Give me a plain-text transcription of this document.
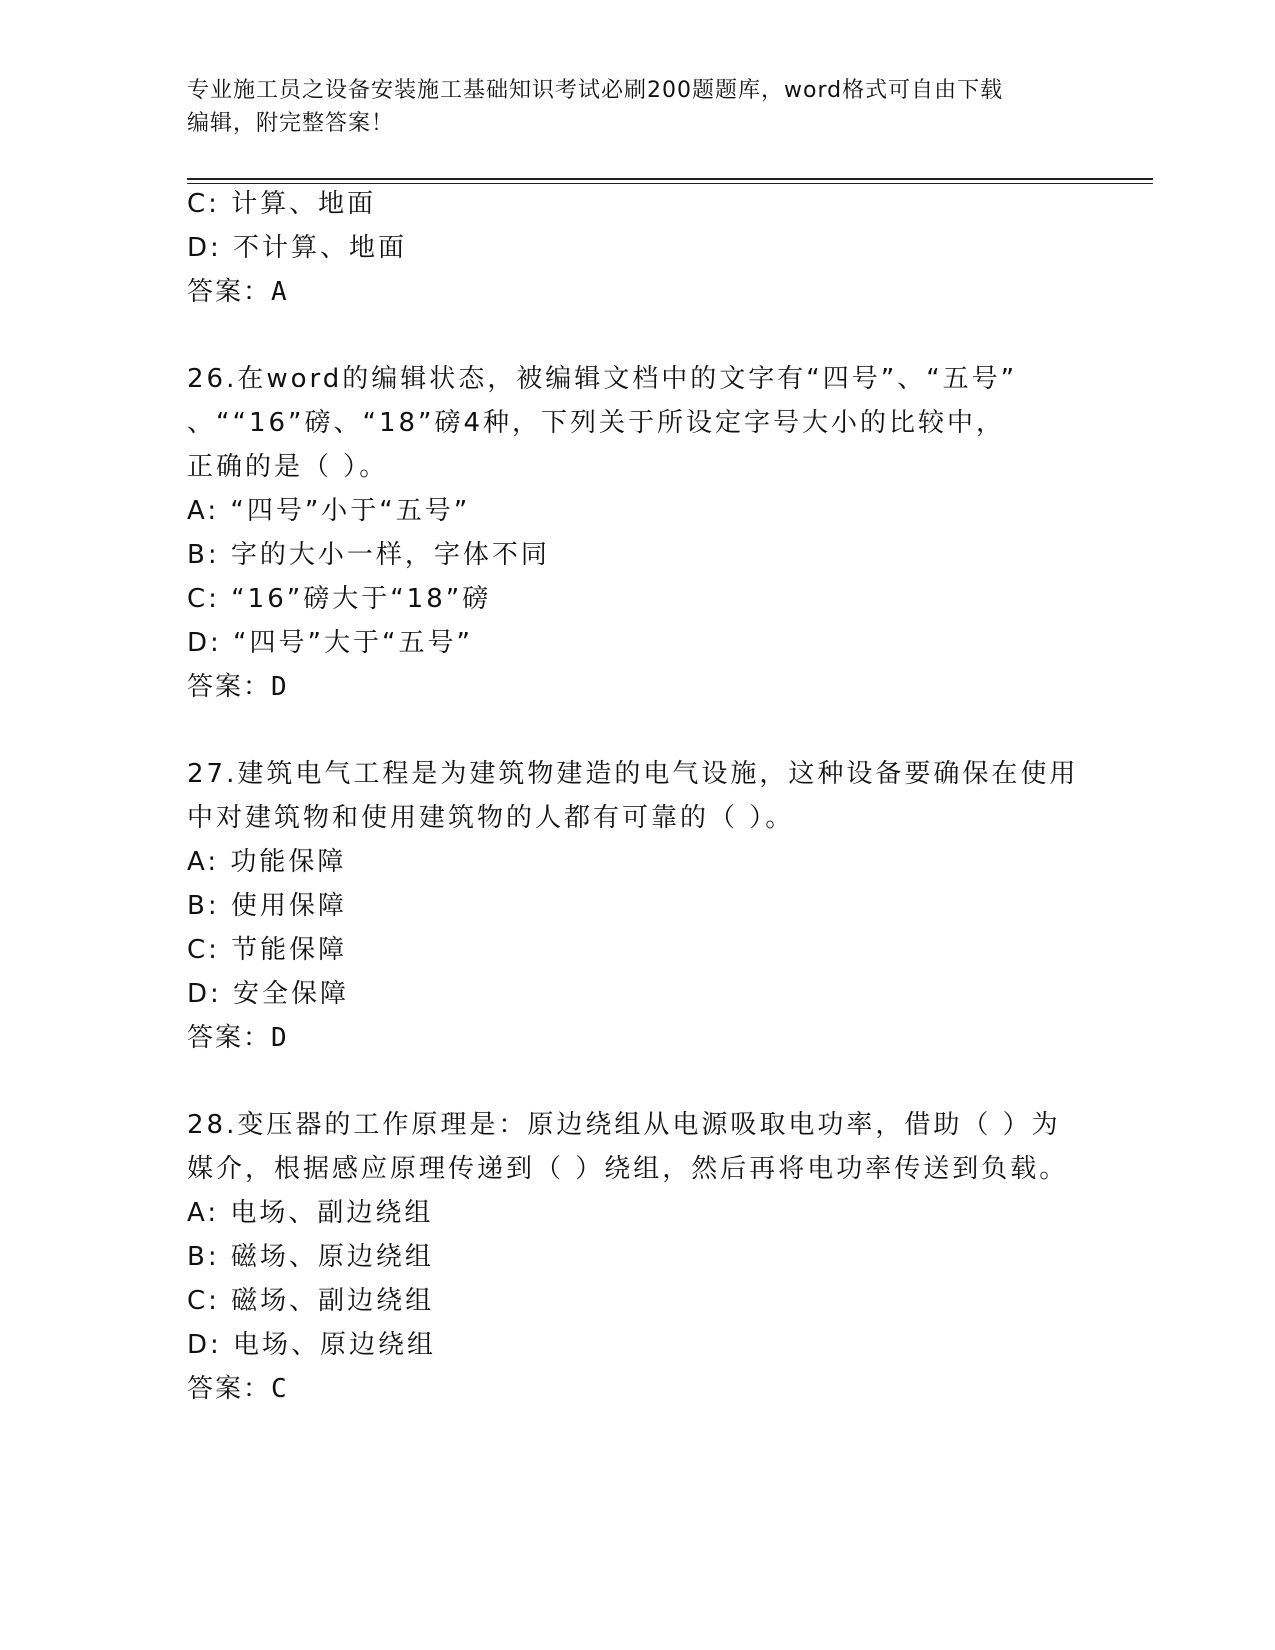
专业施工员之设备安装施工基础知识考试必刷200题题库，word格式可自由下载
编辑，附完整答案！
C: 计算、地面
D: 不计算、地面
答案：A
26.在word的编辑状态，被编辑文档中的文字有“四号”、“五号”
、““16”磅、“18”磅4种，下列关于所设定字号大小的比较中，
正确的是（ ）。
A: “四号”小于“五号”
B: 字的大小一样，字体不同
C: “16”磅大于“18”磅
D: “四号”大于“五号”
答案：D
27.建筑电气工程是为建筑物建造的电气设施，这种设备要确保在使用
中对建筑物和使用建筑物的人都有可靠的（ ）。
A: 功能保障
B: 使用保障
C: 节能保障
D: 安全保障
答案：D
28.变压器的工作原理是：原边绕组从电源吸取电功率，借助（ ）为
媒介，根据感应原理传递到（ ）绕组，然后再将电功率传送到负载。
A: 电场、副边绕组
B: 磁场、原边绕组
C: 磁场、副边绕组
D: 电场、原边绕组
答案：C
